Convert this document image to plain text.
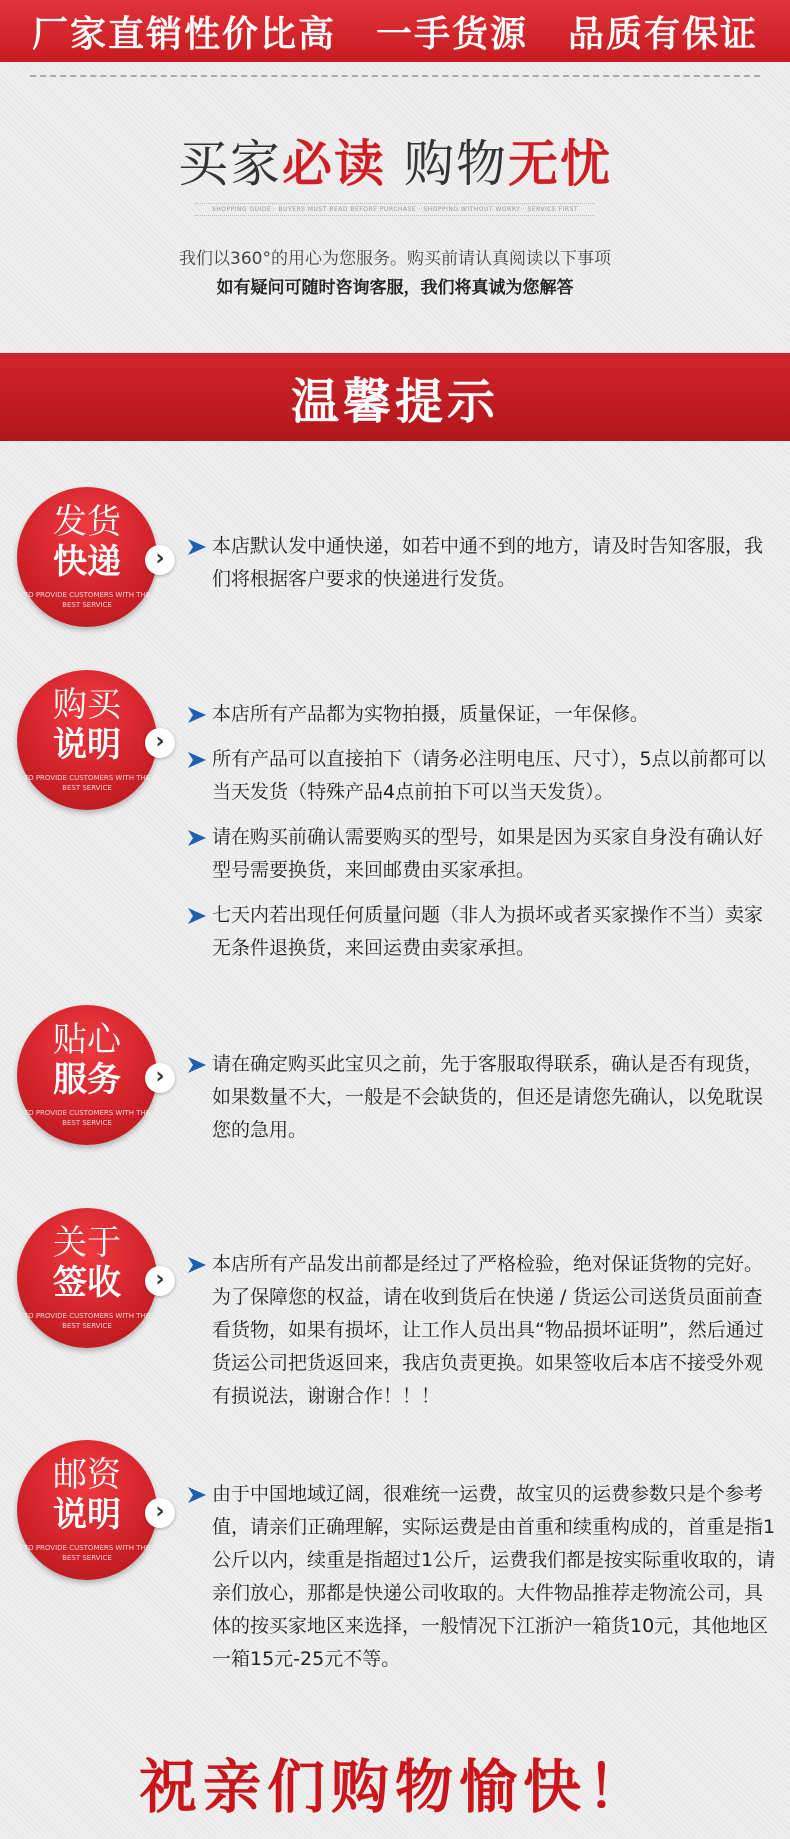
厂家直销性价比高 一手货源 品质有保证
买家必读 购物无忧
SHOPPING GUIDE · BUYERS MUST READ BEFORE PURCHASE · SHOPPING WITHOUT WORRY · SERVICE FIRST
我们以360°的用心为您服务。购买前请认真阅读以下事项
如有疑问可随时咨询客服，我们将真诚为您解答
温馨提示
发货
快递
TO PROVIDE CUSTOMERS WITH THE BEST SERVICE
›	本店默认发中通快递，如若中通不到的地方，请及时告知客服，我们将根据客户要求的快递进行发货。
购买
说明
TO PROVIDE CUSTOMERS WITH THE BEST SERVICE
›
本店所有产品都为实物拍摄，质量保证，一年保修。
所有产品可以直接拍下（请务必注明电压、尺寸），5点以前都可以当天发货（特殊产品4点前拍下可以当天发货）。
请在购买前确认需要购买的型号，如果是因为买家自身没有确认好型号需要换货，来回邮费由买家承担。
七天内若出现任何质量问题（非人为损坏或者买家操作不当）卖家无条件退换货，来回运费由卖家承担。
贴心
服务
TO PROVIDE CUSTOMERS WITH THE BEST SERVICE
›	请在确定购买此宝贝之前，先于客服取得联系，确认是否有现货，如果数量不大，一般是不会缺货的，但还是请您先确认，以免耽误您的急用。
关于
签收
TO PROVIDE CUSTOMERS WITH THE BEST SERVICE
›
本店所有产品发出前都是经过了严格检验，绝对保证货物的完好。为了保障您的权益，请在收到货后在快递 / 货运公司送货员面前查看货物，如果有损坏，让工作人员出具“物品损坏证明”，然后通过货运公司把货返回来，我店负责更换。如果签收后本店不接受外观有损说法，谢谢合作！！！
邮资
说明
TO PROVIDE CUSTOMERS WITH THE BEST SERVICE
›
由于中国地域辽阔，很难统一运费，故宝贝的运费参数只是个参考值，请亲们正确理解，实际运费是由首重和续重构成的，首重是指1公斤以内，续重是指超过1公斤，运费我们都是按实际重收取的，请亲们放心，那都是快递公司收取的。大件物品推荐走物流公司，具体的按买家地区来选择，一般情况下江浙沪一箱货10元，其他地区一箱15元-25元不等。
祝亲们购物愉快！
